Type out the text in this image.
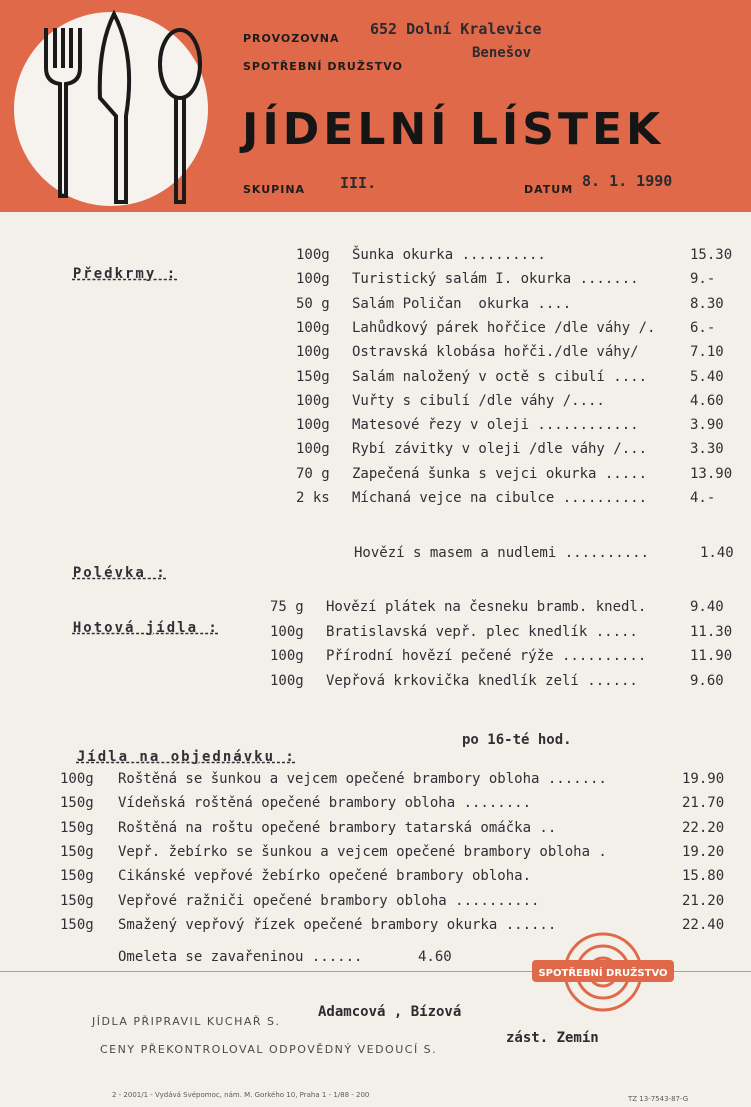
PROVOZOVNA
652 Dolní Kralevice
Benešov
SPOTŘEBNÍ DRUŽSTVO
JÍDELNÍ LÍSTEK
SKUPINA III.	DATUM 8. 1. 1990

Předkrmy :

100g Šunka okurka ..........	15.30
100g Turistický salám I. okurka .......	9.-
50 g Salám Poličan  okurka ....	8.30
100g Lahůdkový párek hořčice /dle váhy /. 6.-
100g Ostravská klobása hořči./dle váhy/	7.10
150g Salám naložený v octě s cibulí ....	5.40
100g Vuřty s cibulí /dle váhy /....	4.60
100g Matesové řezy v oleji ............	3.90
100g Rybí závitky v oleji /dle váhy /...	3.30
70 g Zapečená šunka s vejci okurka .....	13.90
2 ks Míchaná vejce na cibulce ..........	4.-

Polévka :

Hovězí s masem a nudlemi ..........	1.40

Hotová jídla :

75 g Hovězí plátek na česneku bramb. knedl.	9.40
100g Bratislavská vepř. plec knedlík .....	11.30
100g Přírodní hovězí pečené rýže ..........	11.90
100g Vepřová krkovička knedlík zelí ......	9.60

Jídla na objednávku :

po 16-té hod.
100g Roštěná se šunkou a vejcem opečené brambory obloha .......	19.90
150g Vídeňská roštěná opečené brambory obloha ........	21.70
150g Roštěná na roštu opečené brambory tatarská omáčka ..	22.20
150g Vepř. žebírko se šunkou a vejcem opečené brambory obloha .	19.20
150g Cikánské vepřové žebírko opečené brambory obloha.	15.80
150g Vepřové ražniči opečené brambory obloha ..........	21.20
150g Smažený vepřový řízek opečené brambory okurka ......	22.40
Omeleta se zavařeninou ......	4.60
SPOTŘEBNÍ DRUŽSTVO
JÍDLA PŘIPRAVIL KUCHAŘ S.
Adamcová , Bízová
CENY PŘEKONTROLOVAL ODPOVĚDNÝ VEDOUCÍ S.
zást. Zemín
2 - 2001/1 - Vydává Svépomoc, nám. M. Gorkého 10, Praha 1 - 1/88 - 200	TZ 13-7543-87-G
